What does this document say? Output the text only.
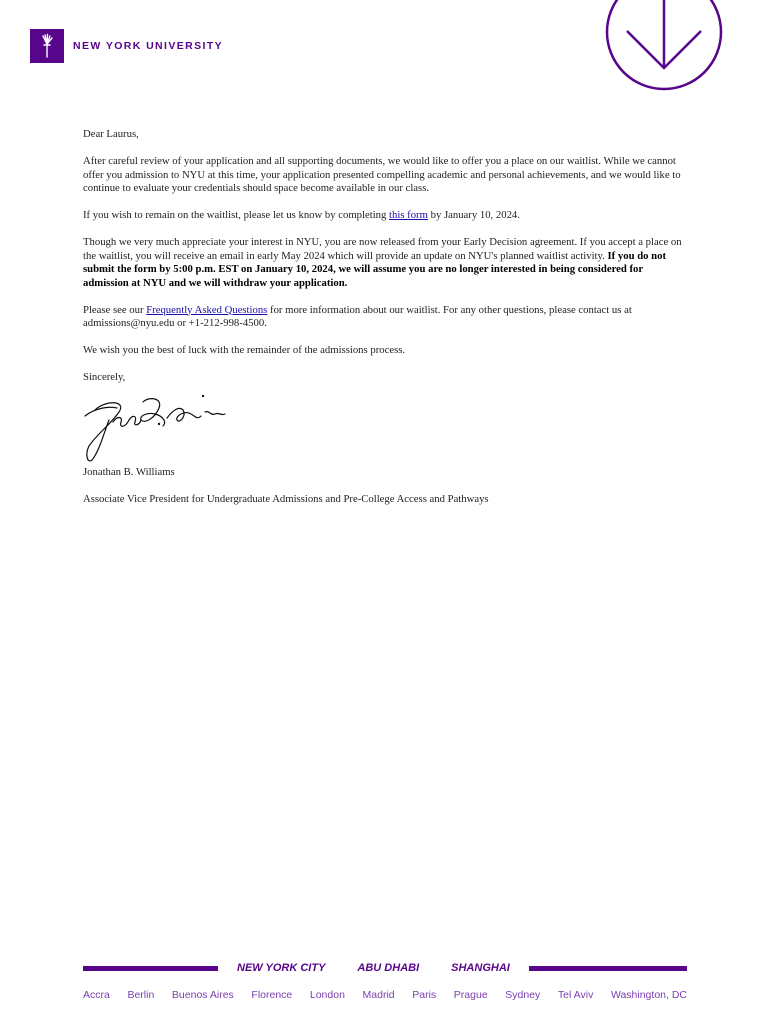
NEW YORK UNIVERSITY

Dear Laurus,

After careful review of your application and all supporting documents, we would like to offer you a place on our waitlist. While we cannot offer you admission to NYU at this time, your application presented compelling academic and personal achievements, and we would like to continue to evaluate your credentials should space become available in our class.

If you wish to remain on the waitlist, please let us know by completing this form by January 10, 2024.

Though we very much appreciate your interest in NYU, you are now released from your Early Decision agreement. If you accept a place on the waitlist, you will receive an email in early May 2024 which will provide an update on NYU's planned waitlist activity. If you do not submit the form by 5:00 p.m. EST on January 10, 2024, we will assume you are no longer interested in being considered for admission at NYU and we will withdraw your application.

Please see our Frequently Asked Questions for more information about our waitlist. For any other questions, please contact us at admissions@nyu.edu or +1-212-998-4500.

We wish you the best of luck with the remainder of the admissions process.

Sincerely,

Jonathan B. Williams

Associate Vice President for Undergraduate Admissions and Pre-College Access and Pathways

NEW YORK CITY	ABU DHABI	SHANGHAI
Accra Berlin Buenos Aires Florence London Madrid Paris Prague Sydney Tel Aviv Washington, DC
